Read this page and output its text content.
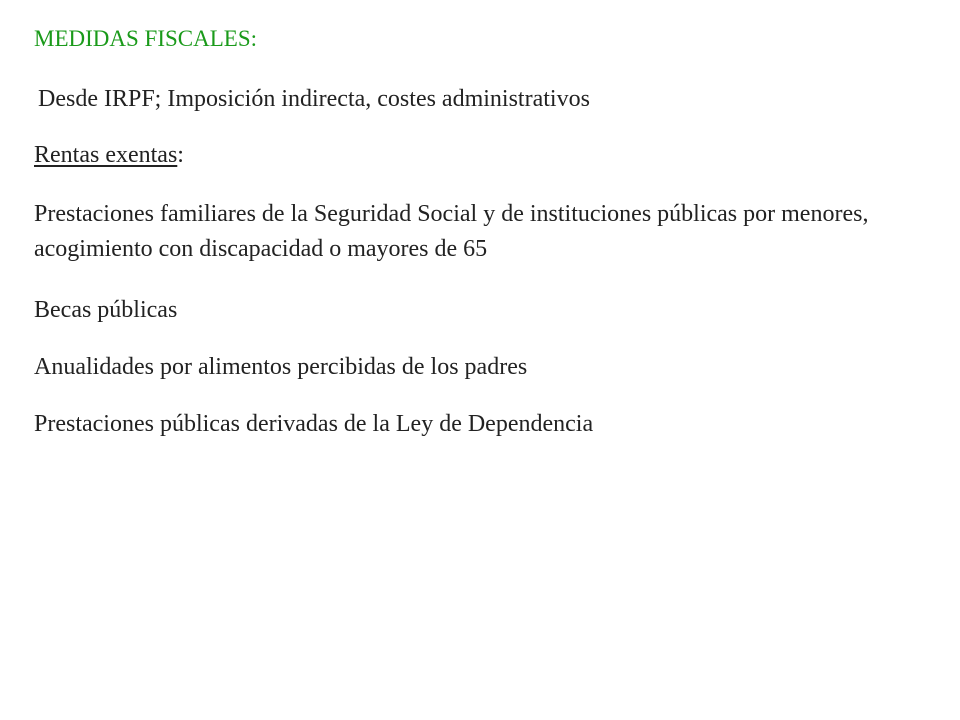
MEDIDAS FISCALES:

Desde IRPF; Imposición indirecta, costes administrativos

Rentas exentas:

Prestaciones familiares de la Seguridad Social y de instituciones públicas por menores, acogimiento con discapacidad o mayores de 65

Becas públicas

Anualidades por alimentos percibidas de los padres

Prestaciones públicas derivadas de la Ley de Dependencia
